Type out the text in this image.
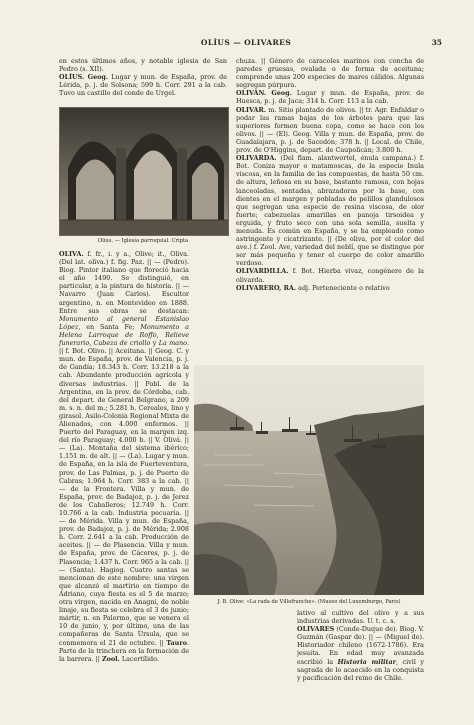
OLÍUS — OLIVARES	35
Olius. — Iglesia parroquial. Cripta
J. B. Olive: «La rada de Villefranche». (Museo del Luxemburgo, París)

en estos últimos años, y notable iglesia de San Pedro (s. XII).

OLÍUS. Geog. Lugar y mun. de España, prov. de Lérida, p. j. de Solsona; 599 h. Corr. 291 a la cab. Tuvo un castillo del conde de Urgel.

OLIVA. f. fr., i. y a., Olive; it., Oliva. (Del lat. oliva.) f. fig. Paz. || — (Pedro). Biog. Pintor italiano que floreció hacia el año 1490. Se distinguió, en particular, a la pintura de historia. || — Navarro (Juan Carlos). Escultor argentino, n. en Montevideo en 1888. Entre sus obras se destacan: Monumento al general Estanislao López, en Santa Fe; Monumento a Helena Larroque de Roffo, Relieve funerario, Cabeza de criollo y La mano. || f. Bot. Olivo. || Aceituna. || Geog. C. y mun. de España, prov. de Valencia, p. j. de Gandía; 18.343 h. Corr. 13.218 a la cab. Abundante producción agrícola y diversas industrias. || Pobl. de la Argentina, en la prov. de Córdoba, cab. del depart. de General Belgrano, a 209 m. s. n. del m.; 5.281 h. Cereales, lino y girasol. Asilo-Colonia Regional Mixta de Alienados, con 4.000 enfermos. || Puerto del Paraguay, en la margen izq. del río Paraguay; 4.000 h. || V. Olivá. || — (La). Montaña del sistema ibérico; 1.151 m. de alt. || — (La). Lugar y mun. de España, en la isla de Fuerteventura, prov. de Las Palmas, p. j. de Puerto de Cabras; 1.964 h. Corr. 383 a la cab. || — de la Frontera. Villa y mun. de España, prov. de Badajoz, p. j. de Jerez de los Caballeros; 12.749 h. Corr. 10.766 a la cab. Industria pecuaria. || — de Mérida. Villa y mun. de España, prov. de Badajoz, p. j. de Mérida; 2.908 h. Corr. 2.641 a la cab. Producción de aceites. || — de Plasencia. Villa y mun. de España, prov. de Cáceres, p. j. de Plasencia; 1.437 h. Corr. 965 a la cab. || — (Santa). Hagiog. Cuatro santas se mencionan de este nombre: una virgen que alcanzó el martirio en tiempo de Adriano, cuya fiesta es el 5 de marzo; otra virgen, nacida en Anagni, de noble linaje, su fiesta se celebra el 3 de junio; mártir, n. en Palermo, que se venera el 10 de junio, y, por último, una de las compañeras de Santa Úrsula, que se conmemora el 21 de octubre. || Tauro. Parte de la trinchera en la formación de la barrera. || Zool. Lacertílido.

chuza. || Género de caracoles marinos con concha de paredes gruesas, ovalada o de forma de aceituna; comprende unas 200 especies de mares cálidos. Algunas segregan púrpura.

OLIVÁN. Geog. Lugar y mun. de España, prov. de Huesca, p. j. de Jaca; 314 h. Corr. 113 a la cab.

OLIVAR. m. Sitio plantado de olivos. || tr. Agr. Enfaldar o podar las ramas bajas de los árboles para que las superiores formen buena copa, como se hace con los olivos. || — (El). Geog. Villa y mun. de España, prov. de Guadalajara, p. j. de Sacedón; 378 h. || Local. de Chile, prov. de O'Higgins, depart. de Caupolicán; 3.800 h.

OLIVARDA. (Del flam. alantwortel, énula campana.) f. Bot. Coniza mayor o matamoscas, de la especie Inula viscosa, en la familia de las compuestas, de hasta 50 cm. de altura, leñosa en su base, bastante ramosa, con hojas lanceoladas, sentadas, abrazadoras por la base, con dientes en el margen y pobladas de pelillos glandulosos que segregan una especie de resina viscosa, de olor fuerte; cabezuelas amarillas en panoja tirsoidea y erguida, y fruto seco con una sola semilla, suelta y menuda. Es común en España, y se ha empleado como astringente y cicatrizante. || (De oliva, por el color del ave.) f. Zool. Ave, variedad del neblí, que se distingue por ser más pequeña y tener el cuerpo de color amarillo verdoso.

OLIVARDILLA. f. Bot. Hierba vivaz, congénere de la olivarda.

OLIVARERO, RA. adj. Perteneciente o relativo

lativo al cultivo del olivo y a sus industrias derivadas. U. t. c. s.

OLIVARES (Conde-Duque de). Biog. V. Guzmán (Gaspar de). || — (Miguel de). Historiador chileno (1672-1786). Era jesuita. En edad muy avanzada escribió la Historia militar, civil y sagrada de lo acaecido en la conquista y pacificación del reino de Chile.
